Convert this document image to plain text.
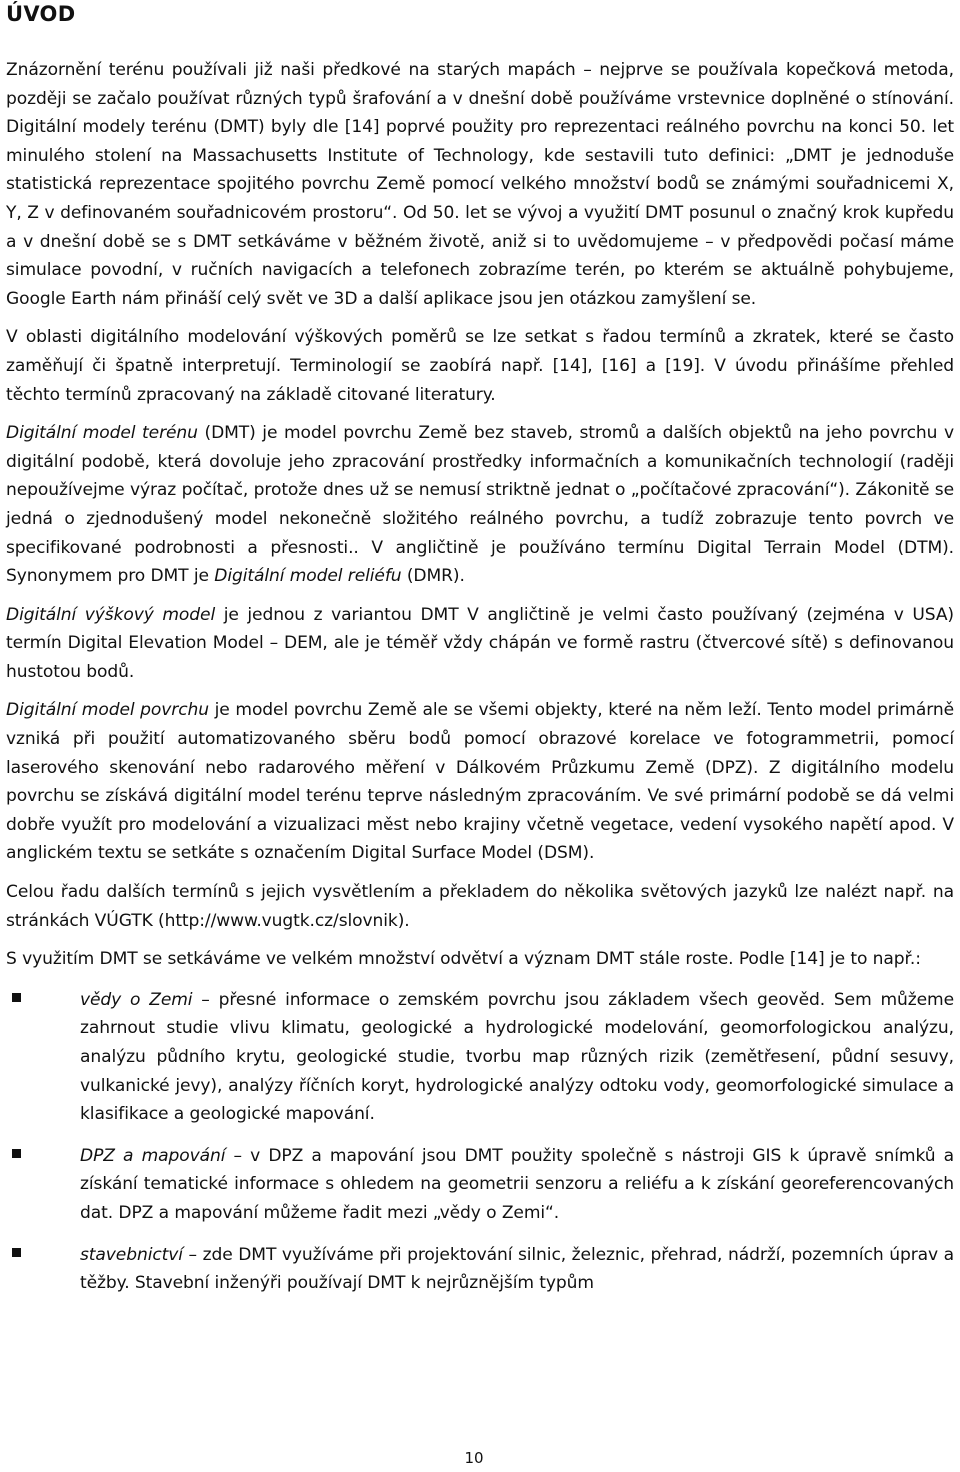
ÚVOD

Znázornění terénu používali již naši předkové na starých mapách – nejprve se používala kopečková metoda, později se začalo používat různých typů šrafování a v dnešní době používáme vrstevnice doplněné o stínování. Digitální modely terénu (DMT) byly dle [14] poprvé použity pro reprezentaci reálného povrchu na konci 50. let minulého stolení na Massachusetts Institute of Technology, kde sestavili tuto definici: „DMT je jednoduše statistická reprezentace spojitého povrchu Země pomocí velkého množství bodů se známými souřadnicemi X, Y, Z v definovaném souřadnicovém prostoru“. Od 50. let se vývoj a využití DMT posunul o značný krok kupředu a v dnešní době se s DMT setkáváme v běžném životě, aniž si to uvědomujeme – v předpovědi počasí máme simulace povodní, v ručních navigacích a telefonech zobrazíme terén, po kterém se aktuálně pohybujeme, Google Earth nám přináší celý svět ve 3D a další aplikace jsou jen otázkou zamyšlení se.

V oblasti digitálního modelování výškových poměrů se lze setkat s řadou termínů a zkratek, které se často zaměňují či špatně interpretují. Terminologií se zaobírá např. [14], [16] a [19]. V úvodu přinášíme přehled těchto termínů zpracovaný na základě citované literatury.

Digitální model terénu (DMT) je model povrchu Země bez staveb, stromů a dalších objektů na jeho povrchu v digitální podobě, která dovoluje jeho zpracování prostředky informačních a komunikačních technologií (raději nepoužívejme výraz počítač, protože dnes už se nemusí striktně jednat o „počítačové zpracování“). Zákonitě se jedná o zjednodušený model nekonečně složitého reálného povrchu, a tudíž zobrazuje tento povrch ve specifikované podrobnosti a přesnosti.. V angličtině je používáno termínu Digital Terrain Model (DTM). Synonymem pro DMT je Digitální model reliéfu (DMR).

Digitální výškový model je jednou z variantou DMT V angličtině je velmi často používaný (zejména v USA) termín Digital Elevation Model – DEM, ale je téměř vždy chápán ve formě rastru (čtvercové sítě) s definovanou hustotou bodů.

Digitální model povrchu je model povrchu Země ale se všemi objekty, které na něm leží. Tento model primárně vzniká při použití automatizovaného sběru bodů pomocí obrazové korelace ve fotogrammetrii, pomocí laserového skenování nebo radarového měření v Dálkovém Průzkumu Země (DPZ). Z digitálního modelu povrchu se získává digitální model terénu teprve následným zpracováním. Ve své primární podobě se dá velmi dobře využít pro modelování a vizualizaci měst nebo krajiny včetně vegetace, vedení vysokého napětí apod. V anglickém textu se setkáte s označením Digital Surface Model (DSM).

Celou řadu dalších termínů s jejich vysvětlením a překladem do několika světových jazyků lze nalézt např. na stránkách VÚGTK (http://www.vugtk.cz/slovnik).

S využitím DMT se setkáváme ve velkém množství odvětví a význam DMT stále roste. Podle [14] je to např.:

vědy o Zemi – přesné informace o zemském povrchu jsou základem všech geověd. Sem můžeme zahrnout studie vlivu klimatu, geologické a hydrologické modelování, geomorfologickou analýzu, analýzu půdního krytu, geologické studie, tvorbu map různých rizik (zemětřesení, půdní sesuvy, vulkanické jevy), analýzy říčních koryt, hydrologické analýzy odtoku vody, geomorfologické simulace a klasifikace a geologické mapování.
DPZ a mapování – v DPZ a mapování jsou DMT použity společně s nástroji GIS k úpravě snímků a získání tematické informace s ohledem na geometrii senzoru a reliéfu a k získání georeferencovaných dat. DPZ a mapování můžeme řadit mezi „vědy o Zemi“.
stavebnictví – zde DMT využíváme při projektování silnic, železnic, přehrad, nádrží, pozemních úprav a těžby. Stavební inženýři používají DMT k nejrůznějším typům
10
